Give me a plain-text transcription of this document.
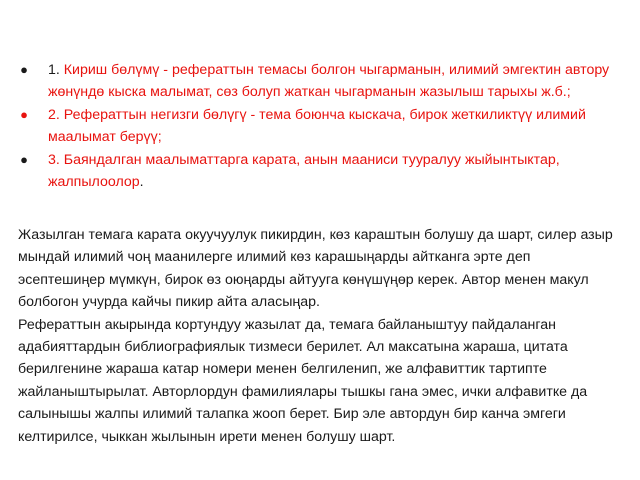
● 1. Кириш бөлүмү - рефераттын темасы болгон чыгарманын, илимий эмгектин автору жөнүндө кыска малымат, сөз болуп жаткан чыгарманын жазылыш тарыхы ж.б.;
● 2. Рефераттын негизги бөлүгү - тема боюнча кыскача, бирок жеткиликтүү илимий маалымат берүү;
● 3. Баяндалган маалыматтарга карата, анын мааниси тууралуу жыйынтыктар, жалпылоолор.

Жазылган темага карата окуучуулук пикирдин, көз караштын болушу да шарт, силер азыр мындай илимий чоң маанилерге илимий көз карашыңарды айтканга эрте деп эсептешиңер мүмкүн, бирок өз оюңарды айтууга көнүшүңөр керек. Автор менен макул болбогон учурда кайчы пикир айта аласыңар.

Рефераттын акырында кортундуу жазылат да, темага байланыштуу пайдаланган адабияттардын библиографиялык тизмеси берилет. Ал максатына жараша, цитата берилгенине жараша катар номери менен белгиленип, же алфавиттик тартипте жайланыштырылат. Авторлордун фамилиялары тышкы гана эмес, ички алфавитке да салынышы жалпы илимий талапка жооп берет. Бир эле автордун бир канча эмгеги келтирилсе, чыккан жылынын ирети менен болушу шарт.
